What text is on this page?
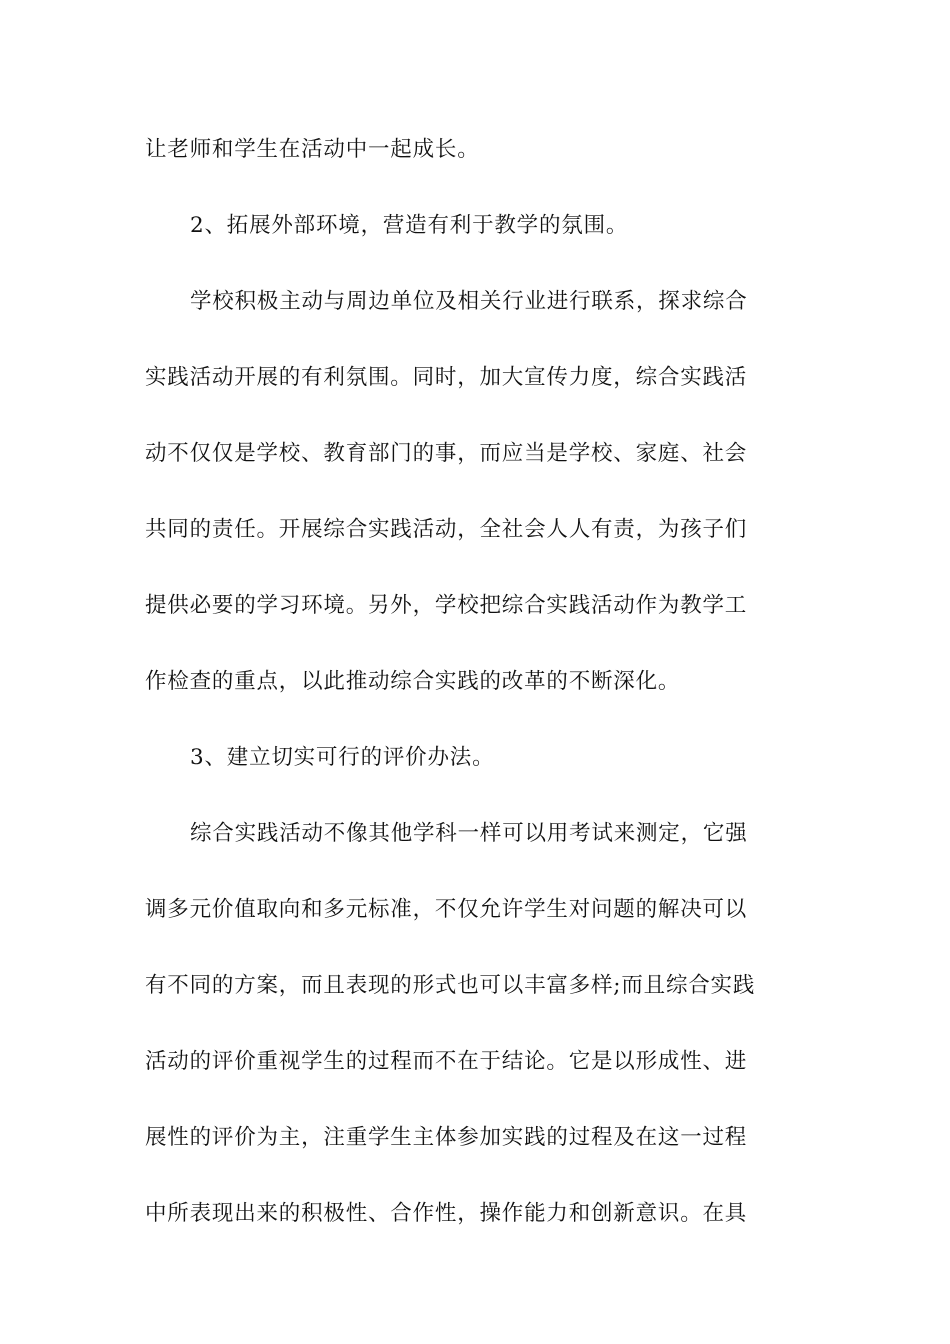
让老师和学生在活动中一起成长。
2、拓展外部环境，营造有利于教学的氛围。
学校积极主动与周边单位及相关行业进行联系，探求综合
实践活动开展的有利氛围。同时，加大宣传力度，综合实践活
动不仅仅是学校、教育部门的事，而应当是学校、家庭、社会
共同的责任。开展综合实践活动，全社会人人有责，为孩子们
提供必要的学习环境。另外，学校把综合实践活动作为教学工
作检查的重点，以此推动综合实践的改革的不断深化。
3、建立切实可行的评价办法。
综合实践活动不像其他学科一样可以用考试来测定，它强
调多元价值取向和多元标准，不仅允许学生对问题的解决可以
有不同的方案，而且表现的形式也可以丰富多样;而且综合实践
活动的评价重视学生的过程而不在于结论。它是以形成性、进
展性的评价为主，注重学生主体参加实践的过程及在这一过程
中所表现出来的积极性、合作性，操作能力和创新意识。在具
